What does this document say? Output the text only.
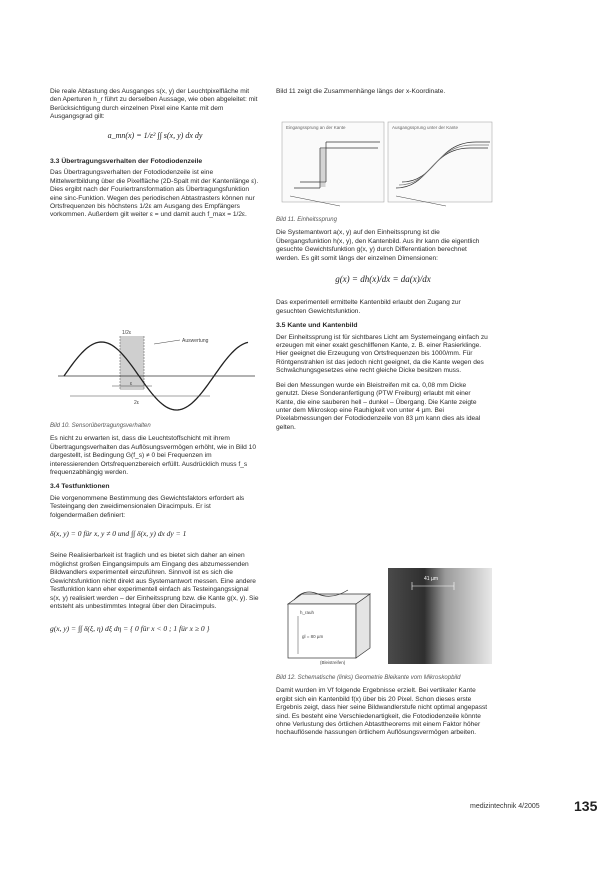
Die reale Abtastung des Ausganges s(x, y) der Leuchtpixelfläche mit den Aperturen h_r führt zu derselben Aussage, wie oben abgeleitet: mit Berücksichtigung durch einzelnen Pixel eine Kante mit dem Ausgangsgrad gilt:

a_mn(x) = 1/ε² ∫∫ s(x, y) dx dy

3.3 Übertragungsverhalten der Fotodiodenzeile

Das Übertragungsverhalten der Fotodiodenzeile ist eine Mittelwertbildung über die Pixelfläche (2D-Spalt mit der Kantenlänge ε). Dies ergibt nach der Fouriertransformation als Übertragungsfunktion eine sinc-Funktion. Wegen des periodischen Abtastrasters können nur Ortsfrequenzen bis höchstens 1/2ε am Ausgang des Empfängers vorkommen. Außerdem gilt weiter ε = und damit auch f_max = 1/2ε.

1/2ε
Auswertung
ε
2ε

Bild 10. Sensorübertragungsverhalten

Es nicht zu erwarten ist, dass die Leuchtstoffschicht mit ihrem Übertragungsverhalten das Auflösungsvermögen erhöht, wie in Bild 10 dargestellt, ist Bedingung G(f_s) ≠ 0 bei Frequenzen im interessierenden Ortsfrequenzbereich erfüllt. Ausdrücklich muss f_s frequenzabhängig werden.

3.4 Testfunktionen

Die vorgenommene Bestimmung des Gewichtsfaktors erfordert als Testeingang den zweidimensionalen Diracimpuls. Er ist folgendermaßen definiert:

δ(x, y) = 0 für x, y ≠ 0 und ∫∫ δ(x, y) dx dy = 1

Seine Realisierbarkeit ist fraglich und es bietet sich daher an einen möglichst großen Eingangsimpuls am Eingang des abzumessenden Bildwandlers experimentell einzuführen. Sinnvoll ist es sich die Gewichtsfunktion nicht direkt aus Systemantwort messen. Eine andere Testfunktion kann eher experimentell einfach als Testeingangssignal s(x, y) realisiert werden – der Einheitssprung bzw. die Kante g(x, y). Sie entsteht als unbestimmtes Integral über den Diracimpuls.

g(x, y) = ∫∫ δ(ξ, η) dξ dη = { 0 für x < 0 ; 1 für x ≥ 0 }

Bild 11 zeigt die Zusammenhänge längs der x-Koordinate.

Eingangssprung an der Kante	Ausgangssprung unter der Kante

Bild 11. Einheitssprung

Die Systemantwort a(x, y) auf den Einheitssprung ist die Übergangsfunktion h(x, y), den Kantenbild. Aus ihr kann die eigentlich gesuchte Gewichtsfunktion g(x, y) durch Differentiation berechnet werden. Es gilt somit längs der einzelnen Dimensionen:

g(x) = dh(x)/dx = da(x)/dx

Das experimentell ermittelte Kantenbild erlaubt den Zugang zur gesuchten Gewichtsfunktion.

3.5 Kante und Kantenbild

Der Einheitssprung ist für sichtbares Licht am Systemeingang einfach zu erzeugen mit einer exakt geschliffenen Kante, z. B. einer Rasierklinge. Hier geeignet die Erzeugung von Ortsfrequenzen bis 1000/mm. Für Röntgenstrahlen ist das jedoch nicht geeignet, da die Kante wegen des Schwächungsgesetzes eine recht gleiche Dicke besitzen muss.

Bei den Messungen wurde ein Bleistreifen mit ca. 0,08 mm Dicke genutzt. Diese Sonderanfertigung (PTW Freiburg) erlaubt mit einer Kante, die eine sauberen hell – dunkel – Übergang. Die Kante zeigte unter dem Mikroskop eine Rauhigkeit von unter 4 µm. Bei Pixelabmessungen der Fotodiodenzeile von 83 µm kann dies als ideal gelten.

h_rauh
gl = 80 µm
(Bleistreifen)
41 µm

Bild 12. Schematische (links) Geometrie Bleikante vom Mikroskopbild

Damit wurden im Vf folgende Ergebnisse erzielt. Bei vertikaler Kante ergibt sich ein Kantenbild f(x) über bis 20 Pixel. Schon dieses erste Ergebnis zeigt, dass hier seine Bildwandlerstufe nicht optimal angepasst sind. Es besteht eine Verschiedenartigkeit, die Fotodiodenzeile könnte ohne Verlustung des örtlichen Abtasttheorems mit einem Faktor höher hochauflösende hassungen örtlichem Auflösungsvermögen arbeiten.

medizintechnik 4/2005 135
